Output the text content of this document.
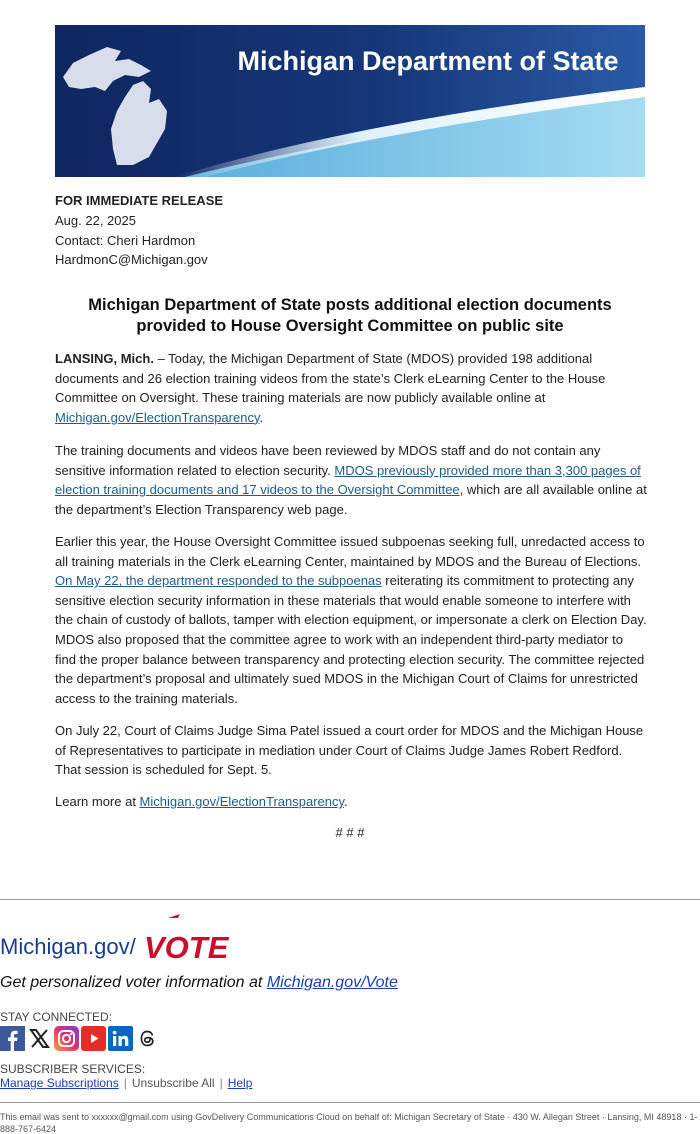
Michigan Department of State
FOR IMMEDIATE RELEASE
Aug. 22, 2025
Contact: Cheri Hardmon
HardmonC@Michigan.gov
Michigan Department of State posts additional election documents provided to House Oversight Committee on public site
LANSING, Mich. – Today, the Michigan Department of State (MDOS) provided 198 additional documents and 26 election training videos from the state’s Clerk eLearning Center to the House Committee on Oversight. These training materials are now publicly available online at Michigan.gov/ElectionTransparency.
The training documents and videos have been reviewed by MDOS staff and do not contain any sensitive information related to election security. MDOS previously provided more than 3,300 pages of election training documents and 17 videos to the Oversight Committee, which are all available online at the department’s Election Transparency web page.
Earlier this year, the House Oversight Committee issued subpoenas seeking full, unredacted access to all training materials in the Clerk eLearning Center, maintained by MDOS and the Bureau of Elections. On May 22, the department responded to the subpoenas reiterating its commitment to protecting any sensitive election security information in these materials that would enable someone to interfere with the chain of custody of ballots, tamper with election equipment, or impersonate a clerk on Election Day. MDOS also proposed that the committee agree to work with an independent third-party mediator to find the proper balance between transparency and protecting election security. The committee rejected the department’s proposal and ultimately sued MDOS in the Michigan Court of Claims for unrestricted access to the training materials.
On July 22, Court of Claims Judge Sima Patel issued a court order for MDOS and the Michigan House of Representatives to participate in mediation under Court of Claims Judge James Robert Redford. That session is scheduled for Sept. 5.
Learn more at Michigan.gov/ElectionTransparency.
# # #
Michigan.gov/ VOTE
Get personalized voter information at Michigan.gov/Vote
STAY CONNECTED:
SUBSCRIBER SERVICES:
Manage Subscriptions | Unsubscribe All | Help
This email was sent to xxxxxx@gmail.com using GovDelivery Communications Cloud on behalf of: Michigan Secretary of State · 430 W. Allegan Street · Lansing, MI 48918 · 1-888-767-6424
